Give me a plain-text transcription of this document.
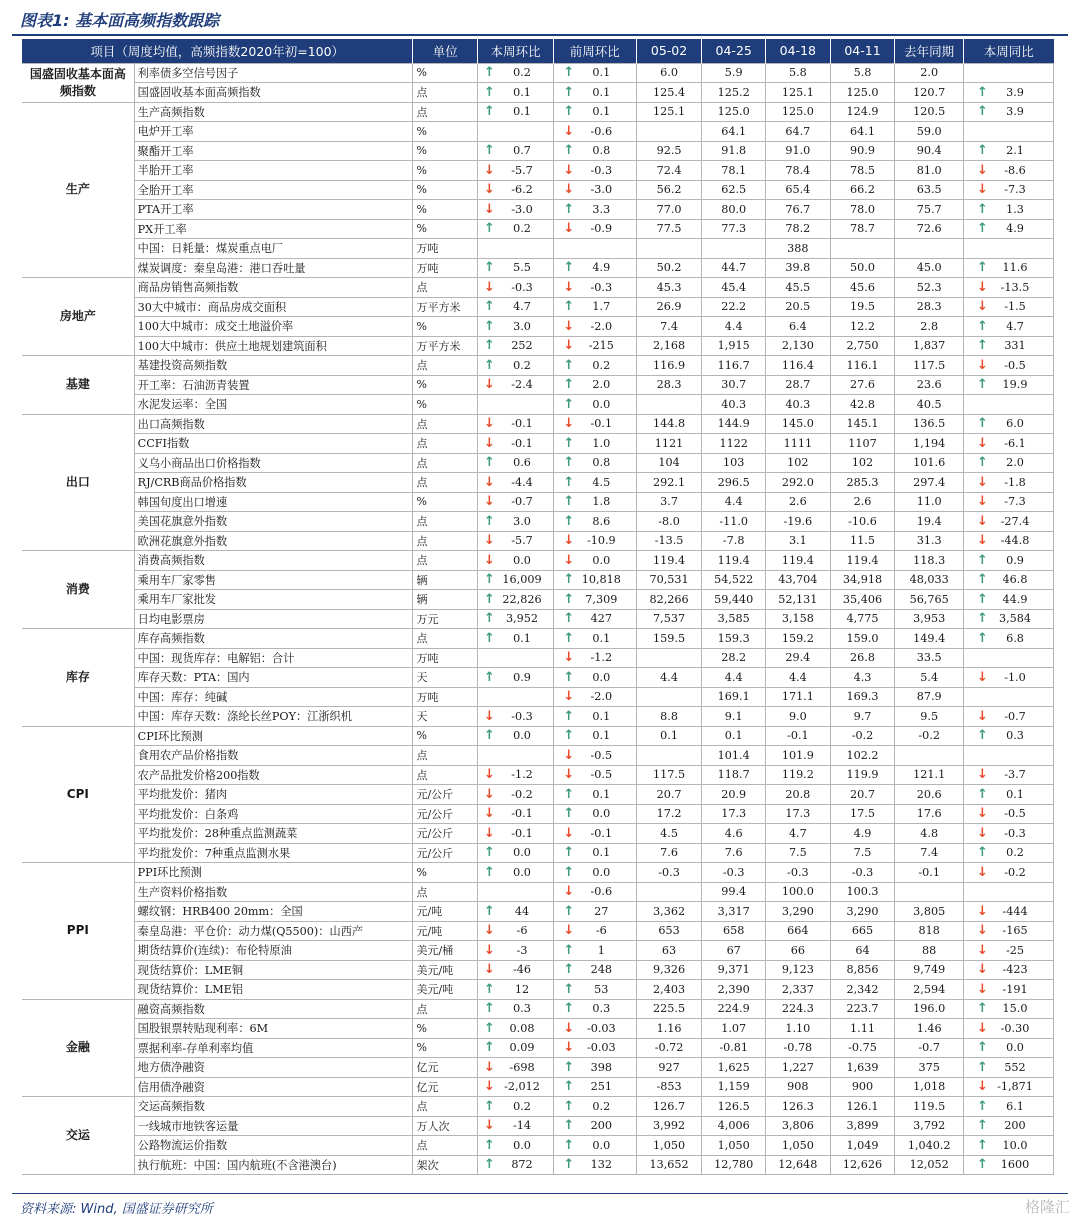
图表1: 基本面高频指数跟踪
项目（周度均值，高频指数2020年初=100）		单位	本周环比	前周环比	05-02	04-25	04-18	04-11	去年同期	本周同比
国盛固收基本面高频指数	利率债多空信号因子	%	↑ 0.2	↑ 0.1	6.0	5.9	5.8	5.8	2.0	
	国盛固收基本面高频指数	点	↑ 0.1	↑ 0.1	125.4	125.2	125.1	125.0	120.7	↑ 3.9
生产	生产高频指数	点	↑ 0.1	↑ 0.1	125.1	125.0	125.0	124.9	120.5	↑ 3.9
	电炉开工率	%		↓ -0.6		64.1	64.7	64.1	59.0	
	聚酯开工率	%	↑ 0.7	↑ 0.8	92.5	91.8	91.0	90.9	90.4	↑ 2.1
	半胎开工率	%	↓ -5.7	↓ -0.3	72.4	78.1	78.4	78.5	81.0	↓ -8.6
	全胎开工率	%	↓ -6.2	↓ -3.0	56.2	62.5	65.4	66.2	63.5	↓ -7.3
	PTA开工率	%	↓ -3.0	↑ 3.3	77.0	80.0	76.7	78.0	75.7	↑ 1.3
	PX开工率	%	↑ 0.2	↓ -0.9	77.5	77.3	78.2	78.7	72.6	↑ 4.9
	中国：日耗量：煤炭重点电厂	万吨					388			
	煤炭调度：秦皇岛港：港口吞吐量	万吨	↑ 5.5	↑ 4.9	50.2	44.7	39.8	50.0	45.0	↑ 11.6
房地产	商品房销售高频指数	点	↓ -0.3	↓ -0.3	45.3	45.4	45.5	45.6	52.3	↓ -13.5
	30大中城市：商品房成交面积	万平方米	↑ 4.7	↑ 1.7	26.9	22.2	20.5	19.5	28.3	↓ -1.5
	100大中城市：成交土地溢价率	%	↑ 3.0	↓ -2.0	7.4	4.4	6.4	12.2	2.8	↑ 4.7
	100大中城市：供应土地规划建筑面积	万平方米	↑ 252	↓ -215	2,168	1,915	2,130	2,750	1,837	↑ 331
基建	基建投资高频指数	点	↑ 0.2	↑ 0.2	116.9	116.7	116.4	116.1	117.5	↓ -0.5
	开工率：石油沥青装置	%	↓ -2.4	↑ 2.0	28.3	30.7	28.7	27.6	23.6	↑ 19.9
	水泥发运率：全国	%		↑ 0.0		40.3	40.3	42.8	40.5	
出口	出口高频指数	点	↓ -0.1	↓ -0.1	144.8	144.9	145.0	145.1	136.5	↑ 6.0
	CCFI指数	点	↓ -0.1	↑ 1.0	1121	1122	1111	1107	1,194	↓ -6.1
	义乌小商品出口价格指数	点	↑ 0.6	↑ 0.8	104	103	102	102	101.6	↑ 2.0
	RJ/CRB商品价格指数	点	↓ -4.4	↑ 4.5	292.1	296.5	292.0	285.3	297.4	↓ -1.8
	韩国旬度出口增速	%	↓ -0.7	↑ 1.8	3.7	4.4	2.6	2.6	11.0	↓ -7.3
	美国花旗意外指数	点	↑ 3.0	↑ 8.6	-8.0	-11.0	-19.6	-10.6	19.4	↓ -27.4
	欧洲花旗意外指数	点	↓ -5.7	↓ -10.9	-13.5	-7.8	3.1	11.5	31.3	↓ -44.8
消费	消费高频指数	点	↓ 0.0	↓ 0.0	119.4	119.4	119.4	119.4	118.3	↑ 0.9
	乘用车厂家零售	辆	↑ 16,009	↑ 10,818	70,531	54,522	43,704	34,918	48,033	↑ 46.8
	乘用车厂家批发	辆	↑ 22,826	↑ 7,309	82,266	59,440	52,131	35,406	56,765	↑ 44.9
	日均电影票房	万元	↑ 3,952	↑ 427	7,537	3,585	3,158	4,775	3,953	↑ 3,584
库存	库存高频指数	点	↑ 0.1	↑ 0.1	159.5	159.3	159.2	159.0	149.4	↑ 6.8
	中国：现货库存：电解铝：合计	万吨		↓ -1.2		28.2	29.4	26.8	33.5	
	库存天数：PTA：国内	天	↑ 0.9	↑ 0.0	4.4	4.4	4.4	4.3	5.4	↓ -1.0
	中国：库存：纯碱	万吨		↓ -2.0		169.1	171.1	169.3	87.9	
	中国：库存天数：涤纶长丝POY：江浙织机	天	↓ -0.3	↑ 0.1	8.8	9.1	9.0	9.7	9.5	↓ -0.7
CPI	CPI环比预测	%	↑ 0.0	↑ 0.1	0.1	0.1	-0.1	-0.2	-0.2	↑ 0.3
	食用农产品价格指数	点		↓ -0.5		101.4	101.9	102.2		
	农产品批发价格200指数	点	↓ -1.2	↓ -0.5	117.5	118.7	119.2	119.9	121.1	↓ -3.7
	平均批发价：猪肉	元/公斤	↓ -0.2	↑ 0.1	20.7	20.9	20.8	20.7	20.6	↑ 0.1
	平均批发价：白条鸡	元/公斤	↓ -0.1	↑ 0.0	17.2	17.3	17.3	17.5	17.6	↓ -0.5
	平均批发价：28种重点监测蔬菜	元/公斤	↓ -0.1	↓ -0.1	4.5	4.6	4.7	4.9	4.8	↓ -0.3
	平均批发价：7种重点监测水果	元/公斤	↑ 0.0	↑ 0.1	7.6	7.6	7.5	7.5	7.4	↑ 0.2
PPI	PPI环比预测	%	↑ 0.0	↑ 0.0	-0.3	-0.3	-0.3	-0.3	-0.1	↓ -0.2
	生产资料价格指数	点		↓ -0.6		99.4	100.0	100.3		
	螺纹钢：HRB400 20mm：全国	元/吨	↑ 44	↑ 27	3,362	3,317	3,290	3,290	3,805	↓ -444
	秦皇岛港：平仓价：动力煤(Q5500)：山西产	元/吨	↓ -6	↓ -6	653	658	664	665	818	↓ -165
	期货结算价(连续)：布伦特原油	美元/桶	↓ -3	↑ 1	63	67	66	64	88	↓ -25
	现货结算价：LME铜	美元/吨	↓ -46	↑ 248	9,326	9,371	9,123	8,856	9,749	↓ -423
	现货结算价：LME铝	美元/吨	↑ 12	↑ 53	2,403	2,390	2,337	2,342	2,594	↓ -191
金融	融资高频指数	点	↑ 0.3	↑ 0.3	225.5	224.9	224.3	223.7	196.0	↑ 15.0
	国股银票转贴现利率：6M	%	↑ 0.08	↓ -0.03	1.16	1.07	1.10	1.11	1.46	↓ -0.30
	票据利率-存单利率均值	%	↑ 0.09	↓ -0.03	-0.72	-0.81	-0.78	-0.75	-0.7	↑ 0.0
	地方债净融资	亿元	↓ -698	↑ 398	927	1,625	1,227	1,639	375	↑ 552
	信用债净融资	亿元	↓ -2,012	↑ 251	-853	1,159	908	900	1,018	↓ -1,871
交运	交运高频指数	点	↑ 0.2	↑ 0.2	126.7	126.5	126.3	126.1	119.5	↑ 6.1
	一线城市地铁客运量	万人次	↓ -14	↑ 200	3,992	4,006	3,806	3,899	3,792	↑ 200
	公路物流运价指数	点	↑ 0.0	↑ 0.0	1,050	1,050	1,050	1,049	1,040.2	↑ 10.0
	执行航班：中国：国内航班(不含港澳台)	架次	↑ 872	↑ 132	13,652	12,780	12,648	12,626	12,052	↑ 1600
资料来源: Wind, 国盛证券研究所	格隆汇
